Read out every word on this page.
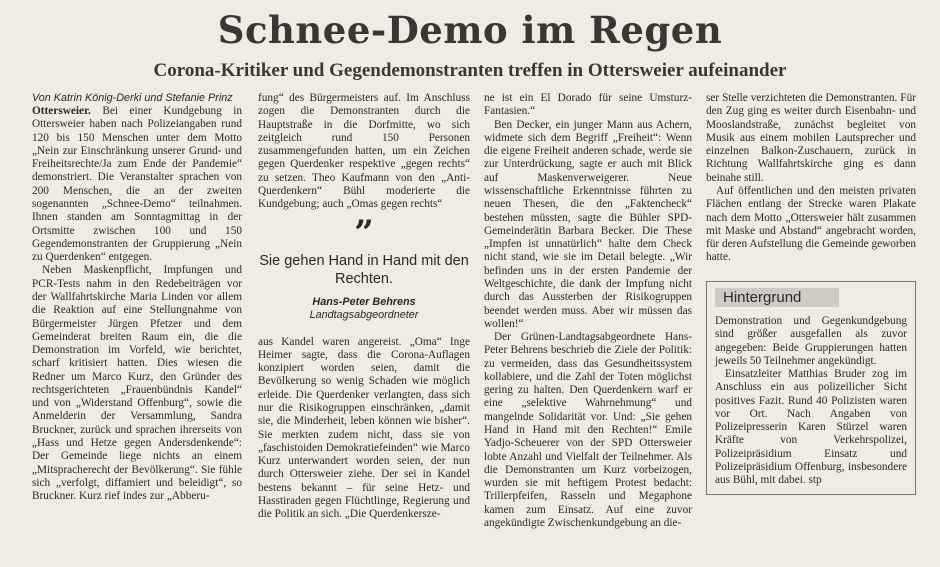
Schnee-Demo im Regen
Corona-Kritiker und Gegendemonstranten treffen in Ottersweier aufeinander

Von Katrin König-Derki und Stefanie Prinz

Ottersweier. Bei einer Kundgebung in Ottersweier haben nach Polizeiangaben rund 120 bis 150 Menschen unter dem Motto „Nein zur Einschränkung unserer Grund- und Freiheitsrechte/Ja zum Ende der Pandemie“ demonstriert. Die Veranstalter sprachen von 200 Menschen, die an der zweiten sogenannten „Schnee-Demo“ teilnahmen. Ihnen standen am Sonntagmittag in der Ortsmitte zwischen 100 und 150 Gegendemonstranten der Gruppierung „Nein zu Querdenken“ entgegen.

Neben Maskenpflicht, Impfungen und PCR-Tests nahm in den Redebeiträgen vor der Wallfahrtskirche Maria Linden vor allem die Reaktion auf eine Stellungnahme von Bürgermeister Jürgen Pfetzer und dem Gemeinderat breiten Raum ein, die die Demonstration im Vorfeld, wie berichtet, scharf kritisiert hatten. Dies wiesen die Redner um Marco Kurz, den Gründer des rechtsgerichteten „Frauenbündnis Kandel“ und von „Widerstand Offenburg“, sowie die Anmelderin der Versammlung, Sandra Bruckner, zurück und sprachen ihrerseits von „Hass und Hetze gegen Andersdenkende“: Der Gemeinde liege nichts an einem „Mitspracherecht der Bevölkerung“. Sie fühle sich „verfolgt, diffamiert und beleidigt“, so Bruckner. Kurz rief indes zur „Abberu-

fung“ des Bürgermeisters auf. Im Anschluss zogen die Demonstranten durch die Hauptstraße in die Dorfmitte, wo sich zeitgleich rund 150 Personen zusammengefunden hatten, um ein Zeichen gegen Querdenker respektive „gegen rechts“ zu setzen. Theo Kaufmann von den „Anti-Querdenkern“ Bühl moderierte die Kundgebung; auch „Omas gegen rechts“

”
Sie gehen Hand in Hand mit den Rechten.
Hans-Peter Behrens
Landtagsabgeordneter

aus Kandel waren angereist. „Oma“ Inge Heimer sagte, dass die Corona-Auflagen konzipiert worden seien, damit die Bevölkerung so wenig Schaden wie möglich erleide. Die Querdenker verlangten, dass sich nur die Risikogruppen einschränken, „damit sie, die Minderheit, leben können wie bisher“. Sie merkten zudem nicht, dass sie von „faschistoiden Demokratiefeinden“ wie Marco Kurz unterwandert worden seien, der nun durch Ottersweier ziehe. Der sei in Kandel bestens bekannt – für seine Hetz- und Hasstiraden gegen Flüchtlinge, Regierung und die Politik an sich. „Die Querdenkersze-

ne ist ein El Dorado für seine Umsturz-Fantasien.“

Ben Decker, ein junger Mann aus Achern, widmete sich dem Begriff „Freiheit“: Wenn die eigene Freiheit anderen schade, werde sie zur Unterdrückung, sagte er auch mit Blick auf Maskenverweigerer. Neue wissenschaftliche Erkenntnisse führten zu neuen Thesen, die den „Faktencheck“ bestehen müssten, sagte die Bühler SPD-Gemeinderätin Barbara Becker. Die These „Impfen ist unnatürlich“ halte dem Check nicht stand, wie sie im Detail belegte. „Wir befinden uns in der ersten Pandemie der Weltgeschichte, die dank der Impfung nicht durch das Aussterben der Risikogruppen beendet werden muss. Aber wir müssen das wollen!“

Der Grünen-Landtagsabgeordnete Hans-Peter Behrens beschrieb die Ziele der Politik: zu vermeiden, dass das Gesundheitssystem kollabiere, und die Zahl der Toten möglichst gering zu halten. Den Querdenkern warf er eine „selektive Wahrnehmung“ und mangelnde Solidarität vor. Und: „Sie gehen Hand in Hand mit den Rechten!“ Emile Yadjo-Scheuerer von der SPD Ottersweier lobte Anzahl und Vielfalt der Teilnehmer. Als die Demonstranten um Kurz vorbeizogen, wurden sie mit heftigem Protest bedacht: Trillerpfeifen, Rasseln und Megaphone kamen zum Einsatz. Auf eine zuvor angekündigte Zwischenkundgebung an die-

ser Stelle verzichteten die Demonstranten. Für den Zug ging es weiter durch Eisenbahn- und Mooslandstraße, zunächst begleitet von Musik aus einem mobilen Lautsprecher und einzelnen Balkon-Zuschauern, zurück in Richtung Wallfahrtskirche ging es dann beinahe still.

Auf öffentlichen und den meisten privaten Flächen entlang der Strecke waren Plakate nach dem Motto „Ottersweier hält zusammen mit Maske und Abstand“ angebracht worden, für deren Aufstellung die Gemeinde geworben hatte.

Hintergrund

Demonstration und Gegenkundgebung sind größer ausgefallen als zuvor angegeben: Beide Gruppierungen hatten jeweils 50 Teilnehmer angekündigt.

Einsatzleiter Matthias Bruder zog im Anschluss ein aus polizeilicher Sicht positives Fazit. Rund 40 Polizisten waren vor Ort. Nach Angaben von Polizeipresserin Karen Stürzel waren Kräfte von Verkehrspolizei, Polizeipräsidium Einsatz und Polizeipräsidium Offenburg, insbesondere aus Bühl, mit dabei. stp
